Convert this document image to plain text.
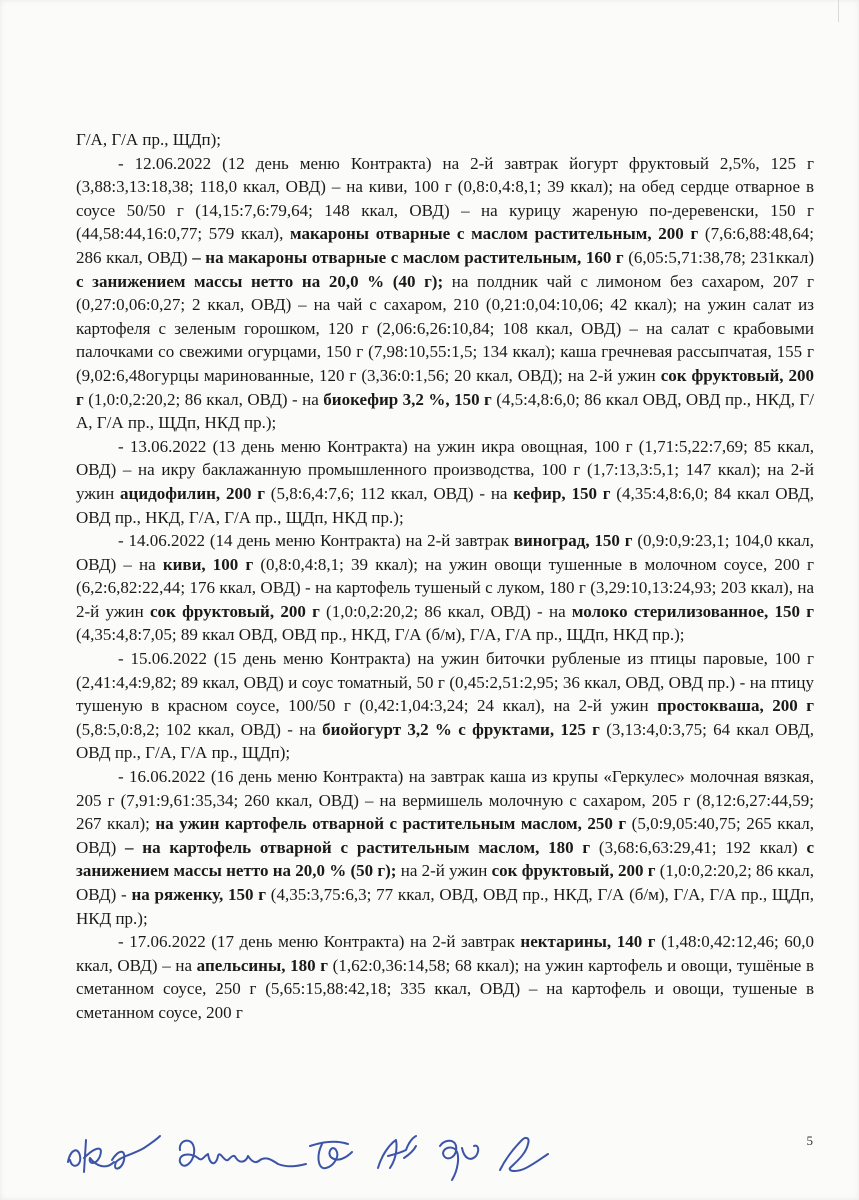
Г/А, Г/А пр., ЩДп);

- 12.06.2022 (12 день меню Контракта) на 2-й завтрак йогурт фруктовый 2,5%, 125 г (3,88:3,13:18,38; 118,0 ккал, ОВД) – на киви, 100 г (0,8:0,4:8,1; 39 ккал); на обед сердце отварное в соусе 50/50 г (14,15:7,6:79,64; 148 ккал, ОВД) – на курицу жареную по-деревенски, 150 г (44,58:44,16:0,77; 579 ккал), макароны отварные с маслом растительным, 200 г (7,6:6,88:48,64; 286 ккал, ОВД) – на макароны отварные с маслом растительным, 160 г (6,05:5,71:38,78; 231ккал) с занижением массы нетто на 20,0 % (40 г); на полдник чай с лимоном без сахаром, 207 г (0,27:0,06:0,27; 2 ккал, ОВД) – на чай с сахаром, 210 (0,21:0,04:10,06; 42 ккал); на ужин салат из картофеля с зеленым горошком, 120 г (2,06:6,26:10,84; 108 ккал, ОВД) – на салат с крабовыми палочками со свежими огурцами, 150 г (7,98:10,55:1,5; 134 ккал); каша гречневая рассыпчатая, 155 г (9,02:6,48огурцы маринованные, 120 г (3,36:0:1,56; 20 ккал, ОВД); на 2-й ужин сок фруктовый, 200 г (1,0:0,2:20,2; 86 ккал, ОВД) - на биокефир 3,2 %, 150 г (4,5:4,8:6,0; 86 ккал ОВД, ОВД пр., НКД, Г/А, Г/А пр., ЩДп, НКД пр.);

- 13.06.2022 (13 день меню Контракта) на ужин икра овощная, 100 г (1,71:5,22:7,69; 85 ккал, ОВД) – на икру баклажанную промышленного производства, 100 г (1,7:13,3:5,1; 147 ккал); на 2-й ужин ацидофилин, 200 г (5,8:6,4:7,6; 112 ккал, ОВД) - на кефир, 150 г (4,35:4,8:6,0; 84 ккал ОВД, ОВД пр., НКД, Г/А, Г/А пр., ЩДп, НКД пр.);

- 14.06.2022 (14 день меню Контракта) на 2-й завтрак виноград, 150 г (0,9:0,9:23,1; 104,0 ккал, ОВД) – на киви, 100 г (0,8:0,4:8,1; 39 ккал); на ужин овощи тушенные в молочном соусе, 200 г (6,2:6,82:22,44; 176 ккал, ОВД) - на картофель тушеный с луком, 180 г (3,29:10,13:24,93; 203 ккал), на 2-й ужин сок фруктовый, 200 г (1,0:0,2:20,2; 86 ккал, ОВД) - на молоко стерилизованное, 150 г (4,35:4,8:7,05; 89 ккал ОВД, ОВД пр., НКД, Г/А (б/м), Г/А, Г/А пр., ЩДп, НКД пр.);

- 15.06.2022 (15 день меню Контракта) на ужин биточки рубленые из птицы паровые, 100 г (2,41:4,4:9,82; 89 ккал, ОВД) и соус томатный, 50 г (0,45:2,51:2,95; 36 ккал, ОВД, ОВД пр.) - на птицу тушеную в красном соусе, 100/50 г (0,42:1,04:3,24; 24 ккал), на 2-й ужин простокваша, 200 г (5,8:5,0:8,2; 102 ккал, ОВД) - на биойогурт 3,2 % с фруктами, 125 г (3,13:4,0:3,75; 64 ккал ОВД, ОВД пр., Г/А, Г/А пр., ЩДп);

- 16.06.2022 (16 день меню Контракта) на завтрак каша из крупы «Геркулес» молочная вязкая, 205 г (7,91:9,61:35,34; 260 ккал, ОВД) – на вермишель молочную с сахаром, 205 г (8,12:6,27:44,59; 267 ккал); на ужин картофель отварной с растительным маслом, 250 г (5,0:9,05:40,75; 265 ккал, ОВД) – на картофель отварной с растительным маслом, 180 г (3,68:6,63:29,41; 192 ккал) с занижением массы нетто на 20,0 % (50 г); на 2-й ужин сок фруктовый, 200 г (1,0:0,2:20,2; 86 ккал, ОВД) - на ряженку, 150 г (4,35:3,75:6,3; 77 ккал, ОВД, ОВД пр., НКД, Г/А (б/м), Г/А, Г/А пр., ЩДп, НКД пр.);

- 17.06.2022 (17 день меню Контракта) на 2-й завтрак нектарины, 140 г (1,48:0,42:12,46; 60,0 ккал, ОВД) – на апельсины, 180 г (1,62:0,36:14,58; 68 ккал); на ужин картофель и овощи, тушёные в сметанном соусе, 250 г (5,65:15,88:42,18; 335 ккал, ОВД) – на картофель и овощи, тушеные в сметанном соусе, 200 г

5
